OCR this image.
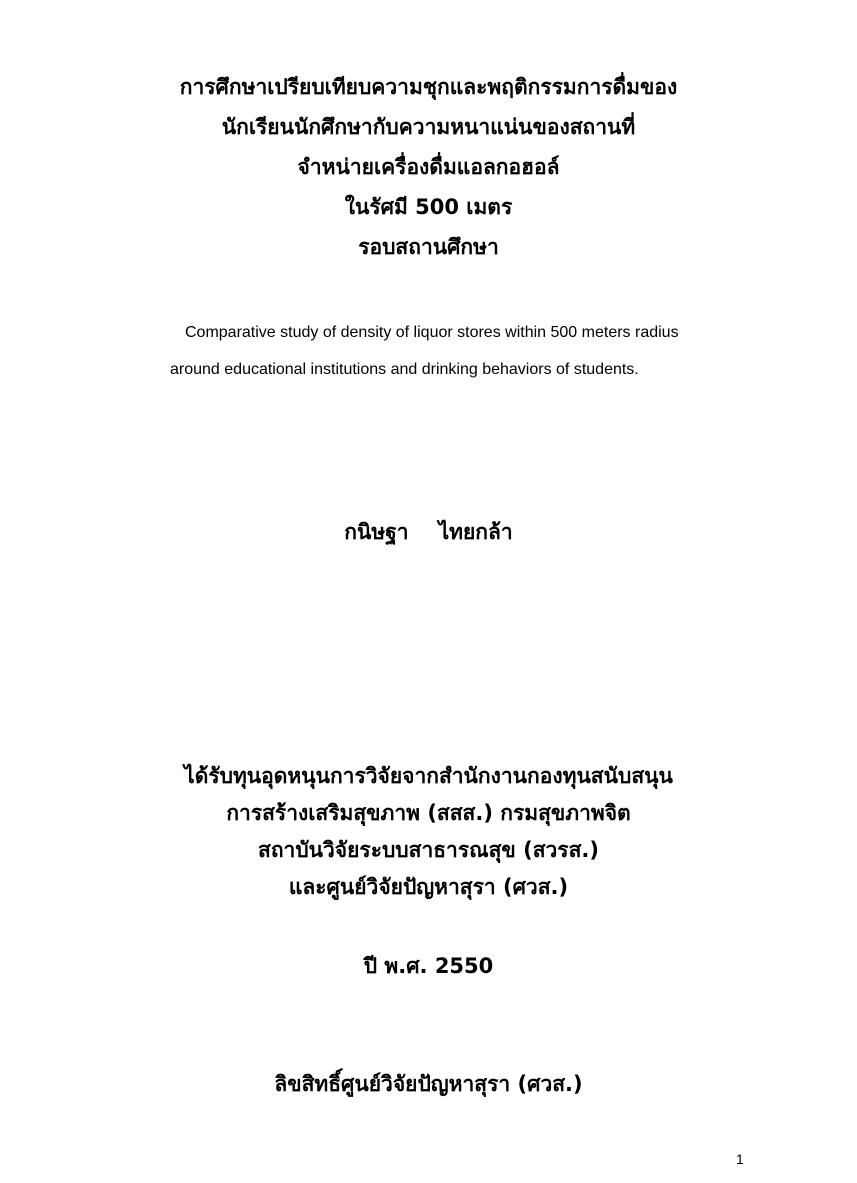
การศึกษาเปรียบเทียบความชุกและพฤติกรรมการดื่มของ
นักเรียนนักศึกษากับความหนาแน่นของสถานที่
จำหน่ายเครื่องดื่มแอลกอฮอล์
ในรัศมี 500 เมตร
รอบสถานศึกษา
Comparative study of density of liquor stores within 500 meters radius
around educational institutions and drinking behaviors of students.
กนิษฐา ไทยกล้า
ได้รับทุนอุดหนุนการวิจัยจากสำนักงานกองทุนสนับสนุน
การสร้างเสริมสุขภาพ (สสส.) กรมสุขภาพจิต
สถาบันวิจัยระบบสาธารณสุข (สวรส.)
และศูนย์วิจัยปัญหาสุรา (ศวส.)
ปี พ.ศ. 2550
ลิขสิทธิ์ศูนย์วิจัยปัญหาสุรา (ศวส.)
1
